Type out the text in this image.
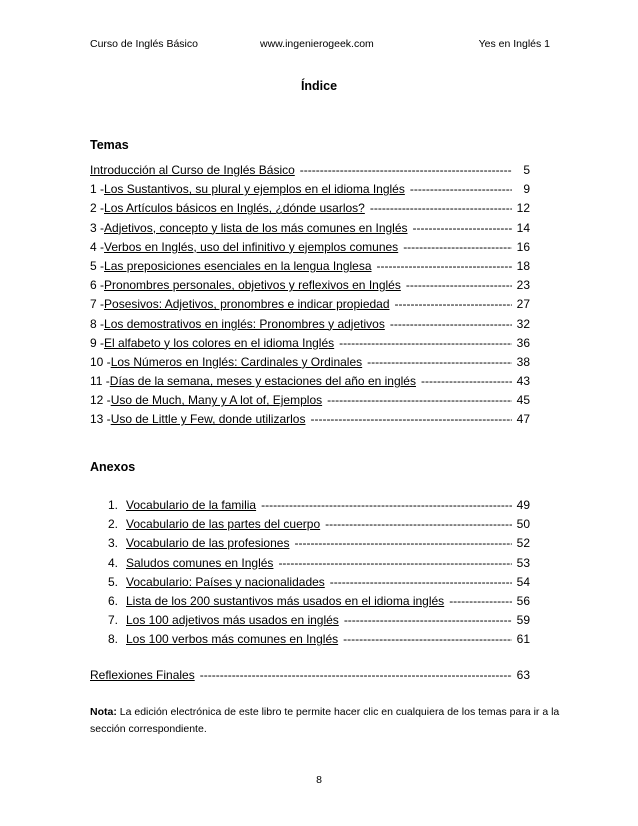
Curso de Inglés Básico	www.ingenierogeek.com	Yes en Inglés 1
Índice
Temas
Introducción al Curso de Inglés Básico -----	5
1 - Los Sustantivos, su plural y ejemplos en el idioma Inglés -----	9
2 - Los Artículos básicos en Inglés, ¿dónde usarlos? -----	12
3 - Adjetivos, concepto y lista de los más comunes en Inglés -----	14
4 - Verbos en Inglés, uso del infinitivo y ejemplos comunes -----	16
5 - Las preposiciones esenciales en la lengua Inglesa -----	18
6 - Pronombres personales, objetivos y reflexivos en Inglés -----	23
7 - Posesivos: Adjetivos, pronombres e indicar propiedad -----	27
8 - Los demostrativos en inglés: Pronombres y adjetivos -----	32
9 - El alfabeto y los colores en el idioma Inglés -----	36
10 - Los Números en Inglés: Cardinales y Ordinales -----	38
11 - Días de la semana, meses y estaciones del año en inglés -----	43
12 - Uso de Much, Many y A lot of, Ejemplos -----	45
13 - Uso de Little y Few, donde utilizarlos -----	47
Anexos
1. Vocabulario de la familia -----	49
2. Vocabulario de las partes del cuerpo -----	50
3. Vocabulario de las profesiones -----	52
4. Saludos comunes en Inglés -----	53
5. Vocabulario: Países y nacionalidades -----	54
6. Lista de los 200 sustantivos más usados en el idioma inglés -----	56
7. Los 100 adjetivos más usados en inglés -----	59
8. Los 100 verbos más comunes en Inglés -----	61
Reflexiones Finales -----	63
Nota: La edición electrónica de este libro te permite hacer clic en cualquiera de los temas para ir a la sección correspondiente.
8
